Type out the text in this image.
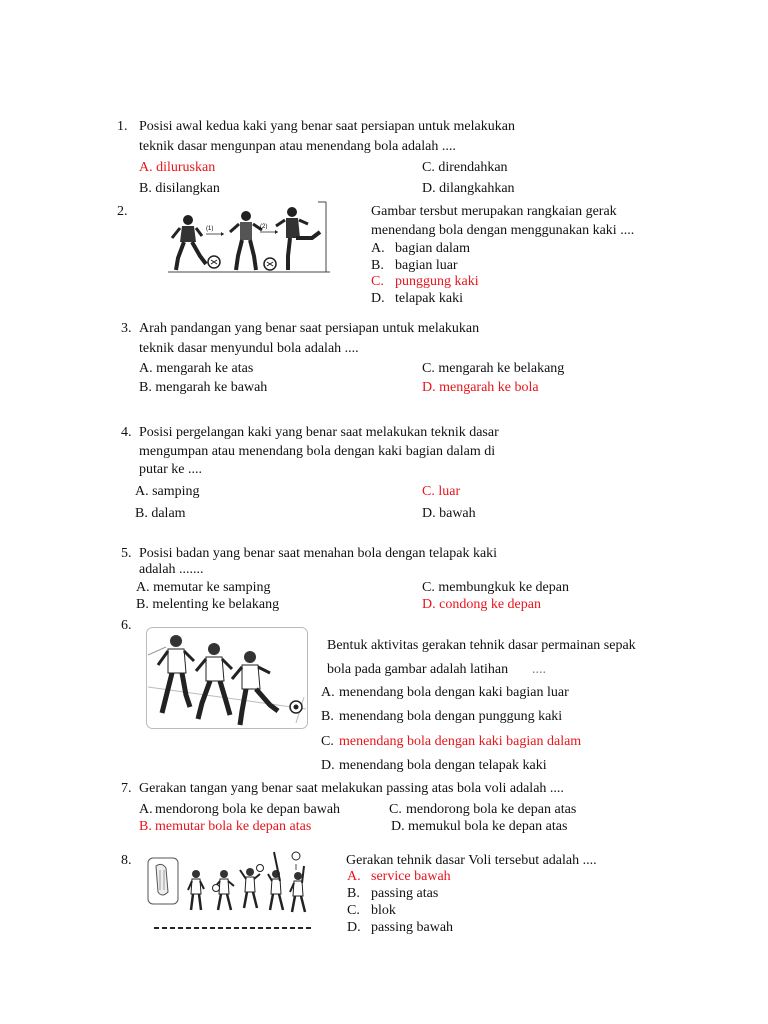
1. Posisi awal kedua kaki yang benar saat persiapan untuk melakukan
teknik dasar mengunpan atau menendang bola adalah ....
A. diluruskan	C. direndahkan
B. disilangkan	D. dilangkahkan
2.
(1)	(2)
Gambar tersbut merupakan rangkaian gerak
menendang bola dengan menggunakan kaki ....
A. bagian dalam
B. bagian luar
C. punggung kaki
D. telapak kaki
3. Arah pandangan yang benar saat persiapan untuk melakukan
teknik dasar menyundul bola adalah ....
A. mengarah ke atas	C. mengarah ke belakang
B. mengarah ke bawah	D. mengarah ke bola
4. Posisi pergelangan kaki yang benar saat melakukan teknik dasar
mengumpan atau menendang bola dengan kaki bagian dalam di
putar ke ....
A. samping	C. luar
B. dalam	D. bawah
5. Posisi badan yang benar saat menahan bola dengan telapak kaki
adalah .......
A. memutar ke samping	C. membungkuk ke depan
B. melenting ke belakang	D. condong ke depan
6.
Bentuk aktivitas gerakan tehnik dasar permainan sepak
bola pada gambar adalah latihan ....
A. menendang bola dengan kaki bagian luar
B. menendang bola dengan punggung kaki
C. menendang bola dengan kaki bagian dalam
D. menendang bola dengan telapak kaki
7. Gerakan tangan yang benar saat melakukan passing atas bola voli adalah ....
A. mendorong bola ke depan bawah	C. mendorong bola ke depan atas
B. memutar bola ke depan atas	D. memukul bola ke depan atas
8.	Gerakan tehnik dasar Voli tersebut adalah ....
A. service bawah
B. passing atas
C. blok
D. passing bawah
